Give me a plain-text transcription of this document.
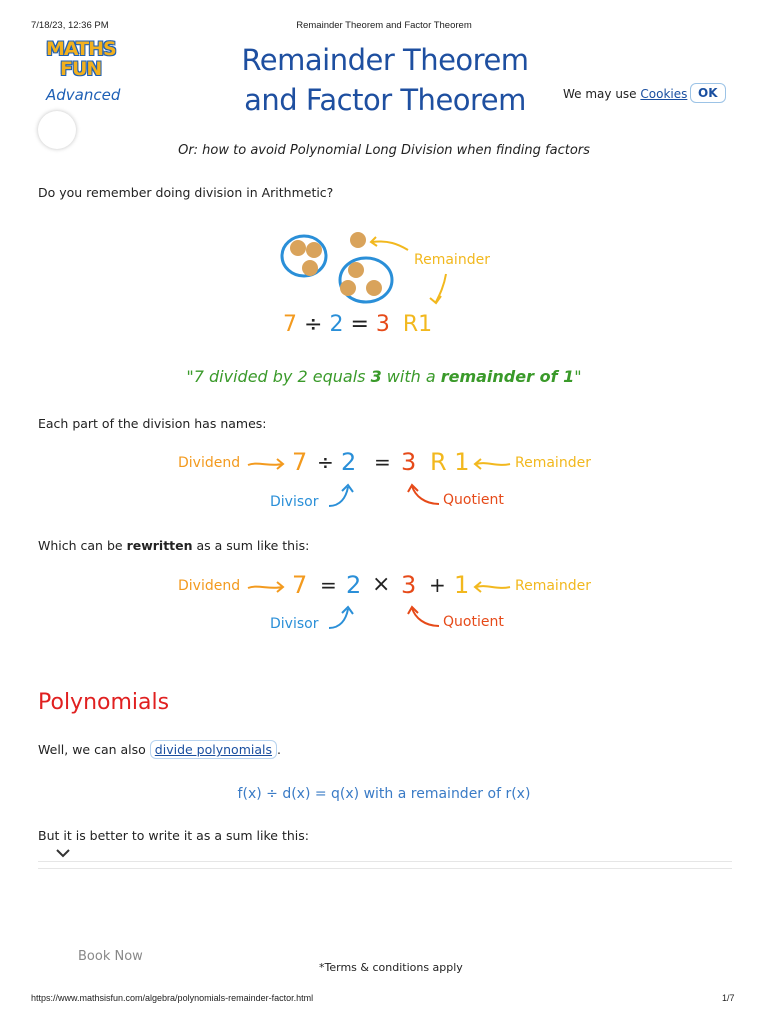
7/18/23, 12:36 PM	Remainder Theorem and Factor Theorem
MATHS
FUN
Advanced
Remainder Theorem
and Factor Theorem	We may use Cookies OK
Or: how to avoid Polynomial Long Division when finding factors
Do you remember doing division in Arithmetic?
Remainder
7 ÷ 2 = 3 R1
"7 divided by 2 equals 3 with a remainder of 1"
Each part of the division has names:
Dividend 7 ÷ 2 = 3 R 1	Remainder
Divisor	Quotient
Which can be rewritten as a sum like this:
Dividend 7 = 2 × 3 + 1	Remainder
Divisor	Quotient
Polynomials
Well, we can also divide polynomials .
f(x) ÷ d(x) = q(x) with a remainder of r(x)
But it is better to write it as a sum like this:
Book Now
*Terms & conditions apply
https://www.mathsisfun.com/algebra/polynomials-remainder-factor.html	1/7
